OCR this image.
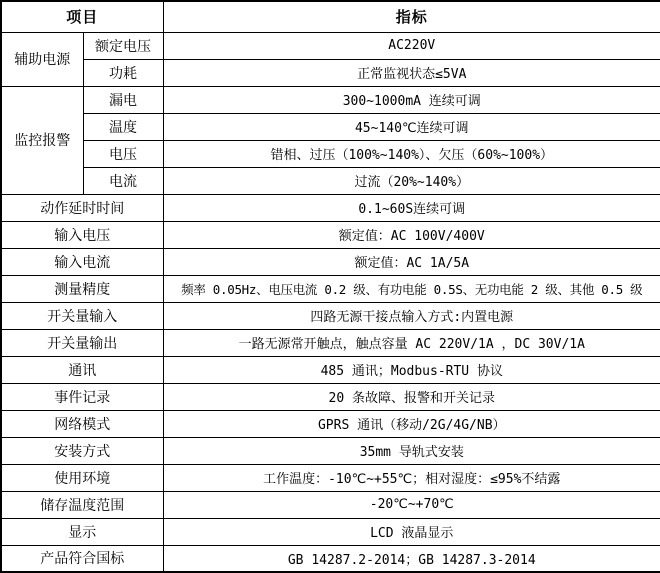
项目		指标
辅助电源	额定电压	AC220V
	功耗	正常监视状态≤5VA
监控报警	漏电	300~1000mA 连续可调
	温度	45~140℃连续可调
	电压	错相、过压（100%~140%）、欠压（60%~100%）
	电流	过流（20%~140%）
动作延时时间		0.1~60S连续可调
输入电压		额定值：AC 100V/400V
输入电流		额定值：AC 1A/5A
测量精度		频率 0.05Hz、电压电流 0.2 级、有功电能 0.5S、无功电能 2 级、其他 0.5 级
开关量输入		四路无源干接点输入方式:内置电源
开关量输出		一路无源常开触点，触点容量 AC 220V/1A ，DC 30V/1A
通讯		485 通讯；Modbus-RTU 协议
事件记录		20 条故障、报警和开关记录
网络模式		GPRS 通讯（移动/2G/4G/NB）
安装方式		35mm 导轨式安装
使用环境		工作温度：-10℃~+55℃；相对湿度：≤95%不结露
储存温度范围		-20℃~+70℃
显示		LCD 液晶显示
产品符合国标		GB 14287.2-2014；GB 14287.3-2014
